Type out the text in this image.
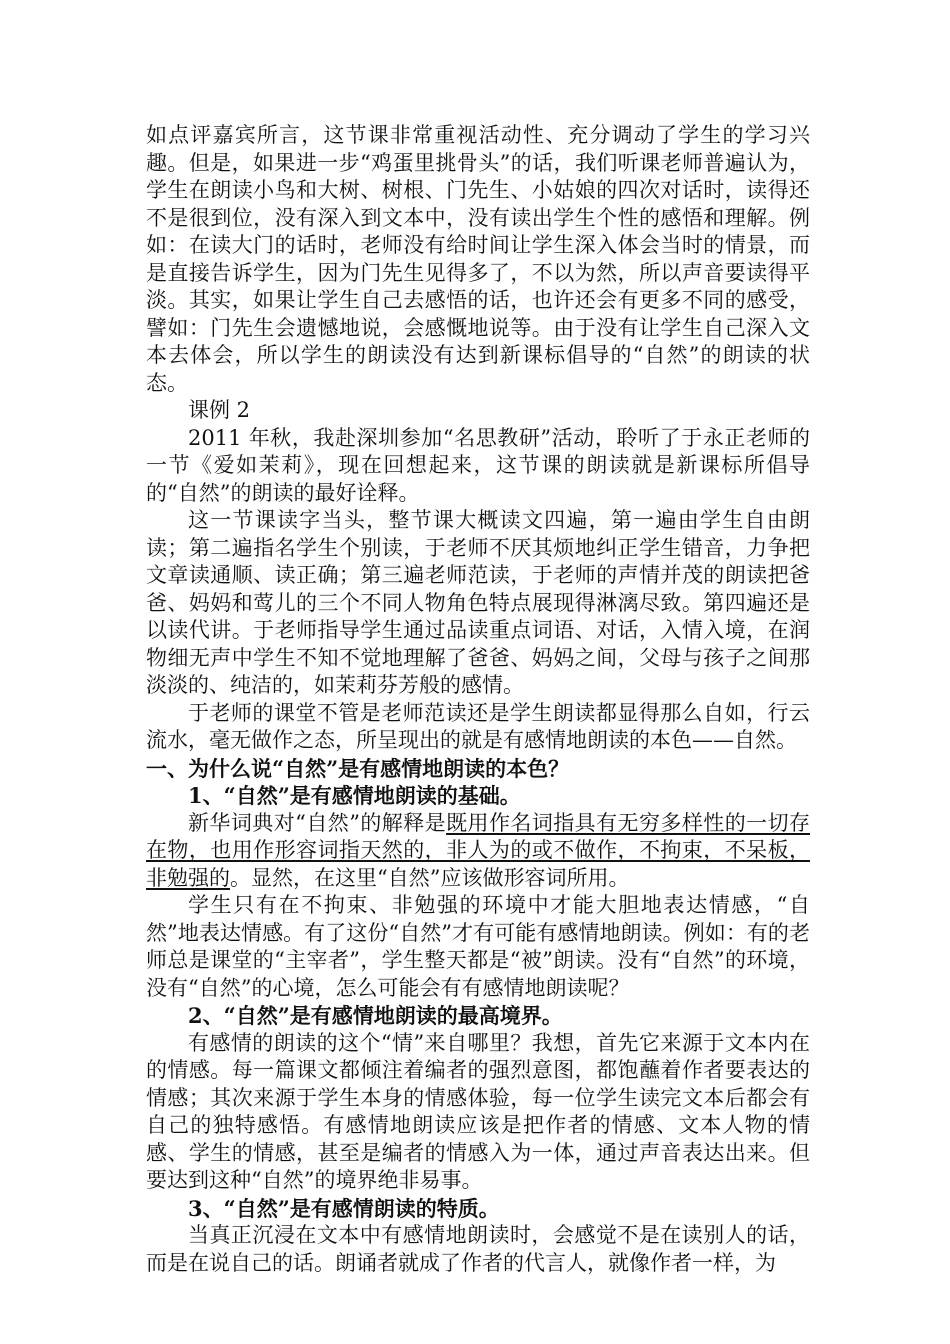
如点评嘉宾所言，这节课非常重视活动性、充分调动了学生的学习兴趣。但是，如果进一步“鸡蛋里挑骨头”的话，我们听课老师普遍认为，学生在朗读小鸟和大树、树根、门先生、小姑娘的四次对话时，读得还不是很到位，没有深入到文本中，没有读出学生个性的感悟和理解。例如：在读大门的话时，老师没有给时间让学生深入体会当时的情景，而是直接告诉学生，因为门先生见得多了，不以为然，所以声音要读得平淡。其实，如果让学生自己去感悟的话，也许还会有更多不同的感受，譬如：门先生会遗憾地说，会感慨地说等。由于没有让学生自己深入文本去体会，所以学生的朗读没有达到新课标倡导的“自然”的朗读的状态。

课例 2

2011 年秋，我赴深圳参加“名思教研”活动，聆听了于永正老师的一节《爱如茉莉》，现在回想起来，这节课的朗读就是新课标所倡导的“自然”的朗读的最好诠释。

这一节课读字当头，整节课大概读文四遍，第一遍由学生自由朗读；第二遍指名学生个别读，于老师不厌其烦地纠正学生错音，力争把文章读通顺、读正确；第三遍老师范读，于老师的声情并茂的朗读把爸爸、妈妈和莺儿的三个不同人物角色特点展现得淋漓尽致。第四遍还是以读代讲。于老师指导学生通过品读重点词语、对话，入情入境，在润物细无声中学生不知不觉地理解了爸爸、妈妈之间，父母与孩子之间那淡淡的、纯洁的，如茉莉芬芳般的感情。

于老师的课堂不管是老师范读还是学生朗读都显得那么自如，行云流水，毫无做作之态，所呈现出的就是有感情地朗读的本色——自然。

一、为什么说“自然”是有感情地朗读的本色？

1、“自然”是有感情地朗读的基础。

新华词典对“自然”的解释是既用作名词指具有无穷多样性的一切存在物，也用作形容词指天然的，非人为的或不做作，不拘束，不呆板，非勉强的。显然，在这里“自然”应该做形容词所用。

学生只有在不拘束、非勉强的环境中才能大胆地表达情感，“自然”地表达情感。有了这份“自然”才有可能有感情地朗读。例如：有的老师总是课堂的“主宰者”，学生整天都是“被”朗读。没有“自然”的环境，没有“自然”的心境，怎么可能会有有感情地朗读呢？

2、“自然”是有感情地朗读的最高境界。

有感情的朗读的这个“情”来自哪里？我想，首先它来源于文本内在的情感。每一篇课文都倾注着编者的强烈意图，都饱蘸着作者要表达的情感；其次来源于学生本身的情感体验，每一位学生读完文本后都会有自己的独特感悟。有感情地朗读应该是把作者的情感、文本人物的情感、学生的情感，甚至是编者的情感入为一体，通过声音表达出来。但要达到这种“自然”的境界绝非易事。

3、“自然”是有感情朗读的特质。

当真正沉浸在文本中有感情地朗读时，会感觉不是在读别人的话，而是在说自己的话。朗诵者就成了作者的代言人，就像作者一样，为
